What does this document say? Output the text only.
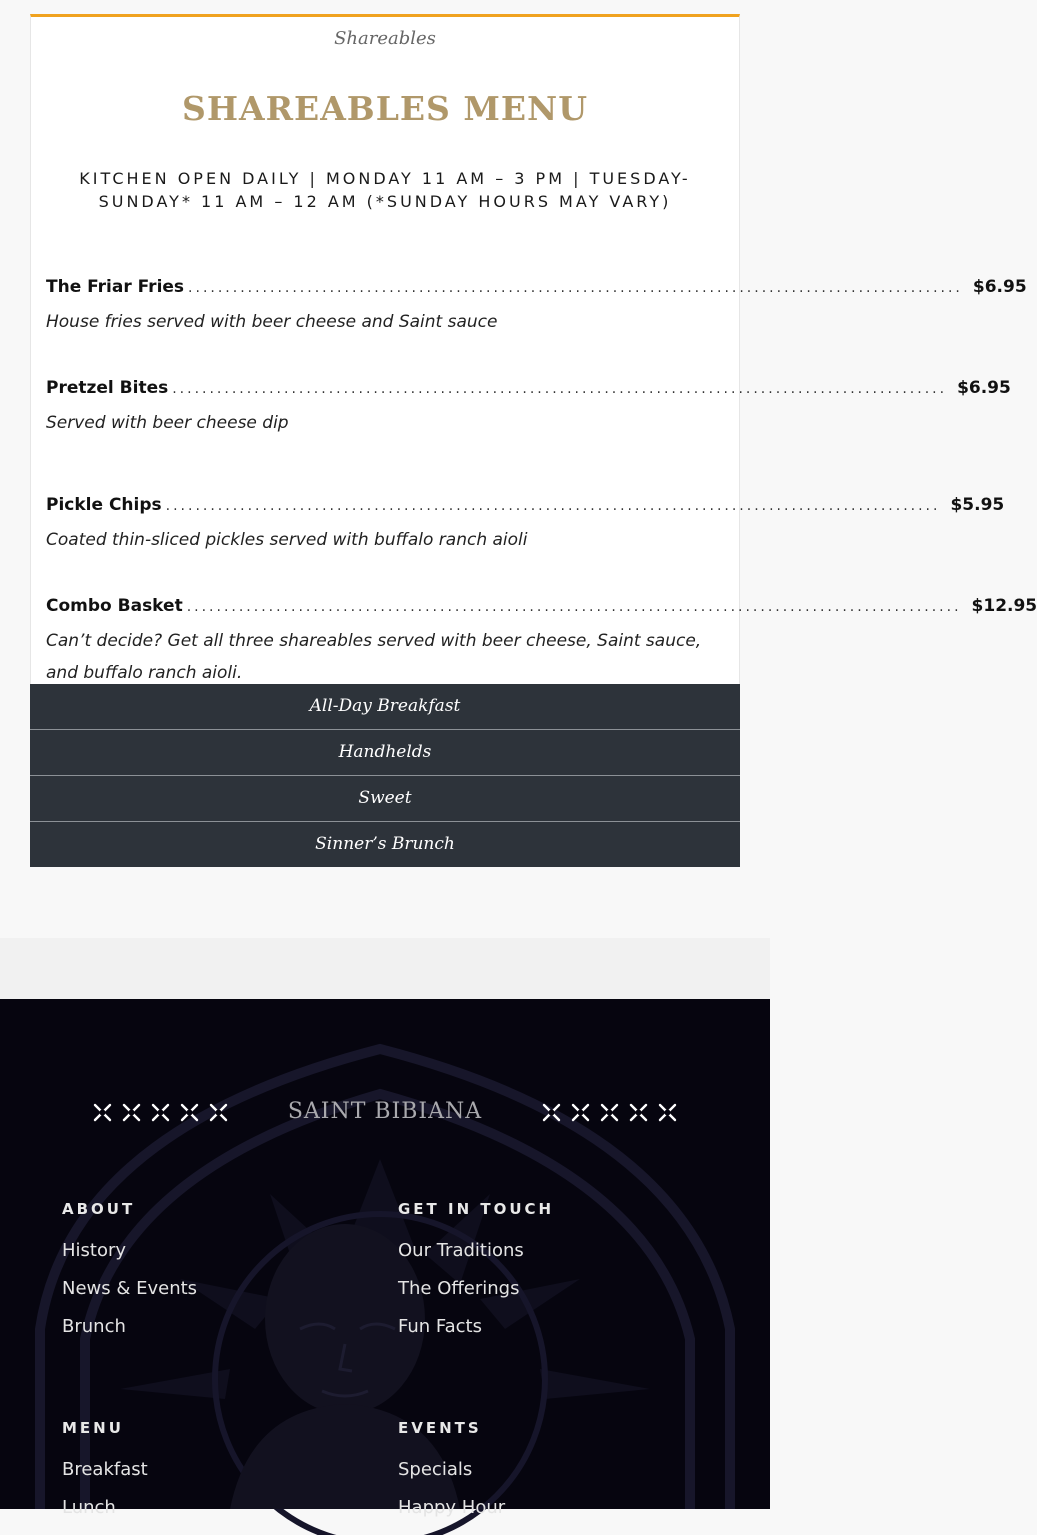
Shareables
SHAREABLES MENU
KITCHEN OPEN DAILY | MONDAY 11 AM – 3 PM | TUESDAY-SUNDAY* 11 AM – 12 AM (*SUNDAY HOURS MAY VARY)
The Friar Fries ........................................................................................................ $6.95
House fries served with beer cheese and Saint sauce
Pretzel Bites ........................................................................................................ $6.95
Served with beer cheese dip
Pickle Chips ........................................................................................................ $5.95
Coated thin-sliced pickles served with buffalo ranch aioli
Combo Basket ........................................................................................................ $12.95
Can’t decide? Get all three shareables served with beer cheese, Saint sauce, and buffalo ranch aioli.
All-Day Breakfast
Handhelds
Sweet
Sinner’s Brunch
SAINT BIBIANA
ABOUT
History
News & Events
Brunch
GET IN TOUCH
Our Traditions
The Offerings
Fun Facts
MENU
Breakfast
Lunch
EVENTS
Specials
Happy Hour
